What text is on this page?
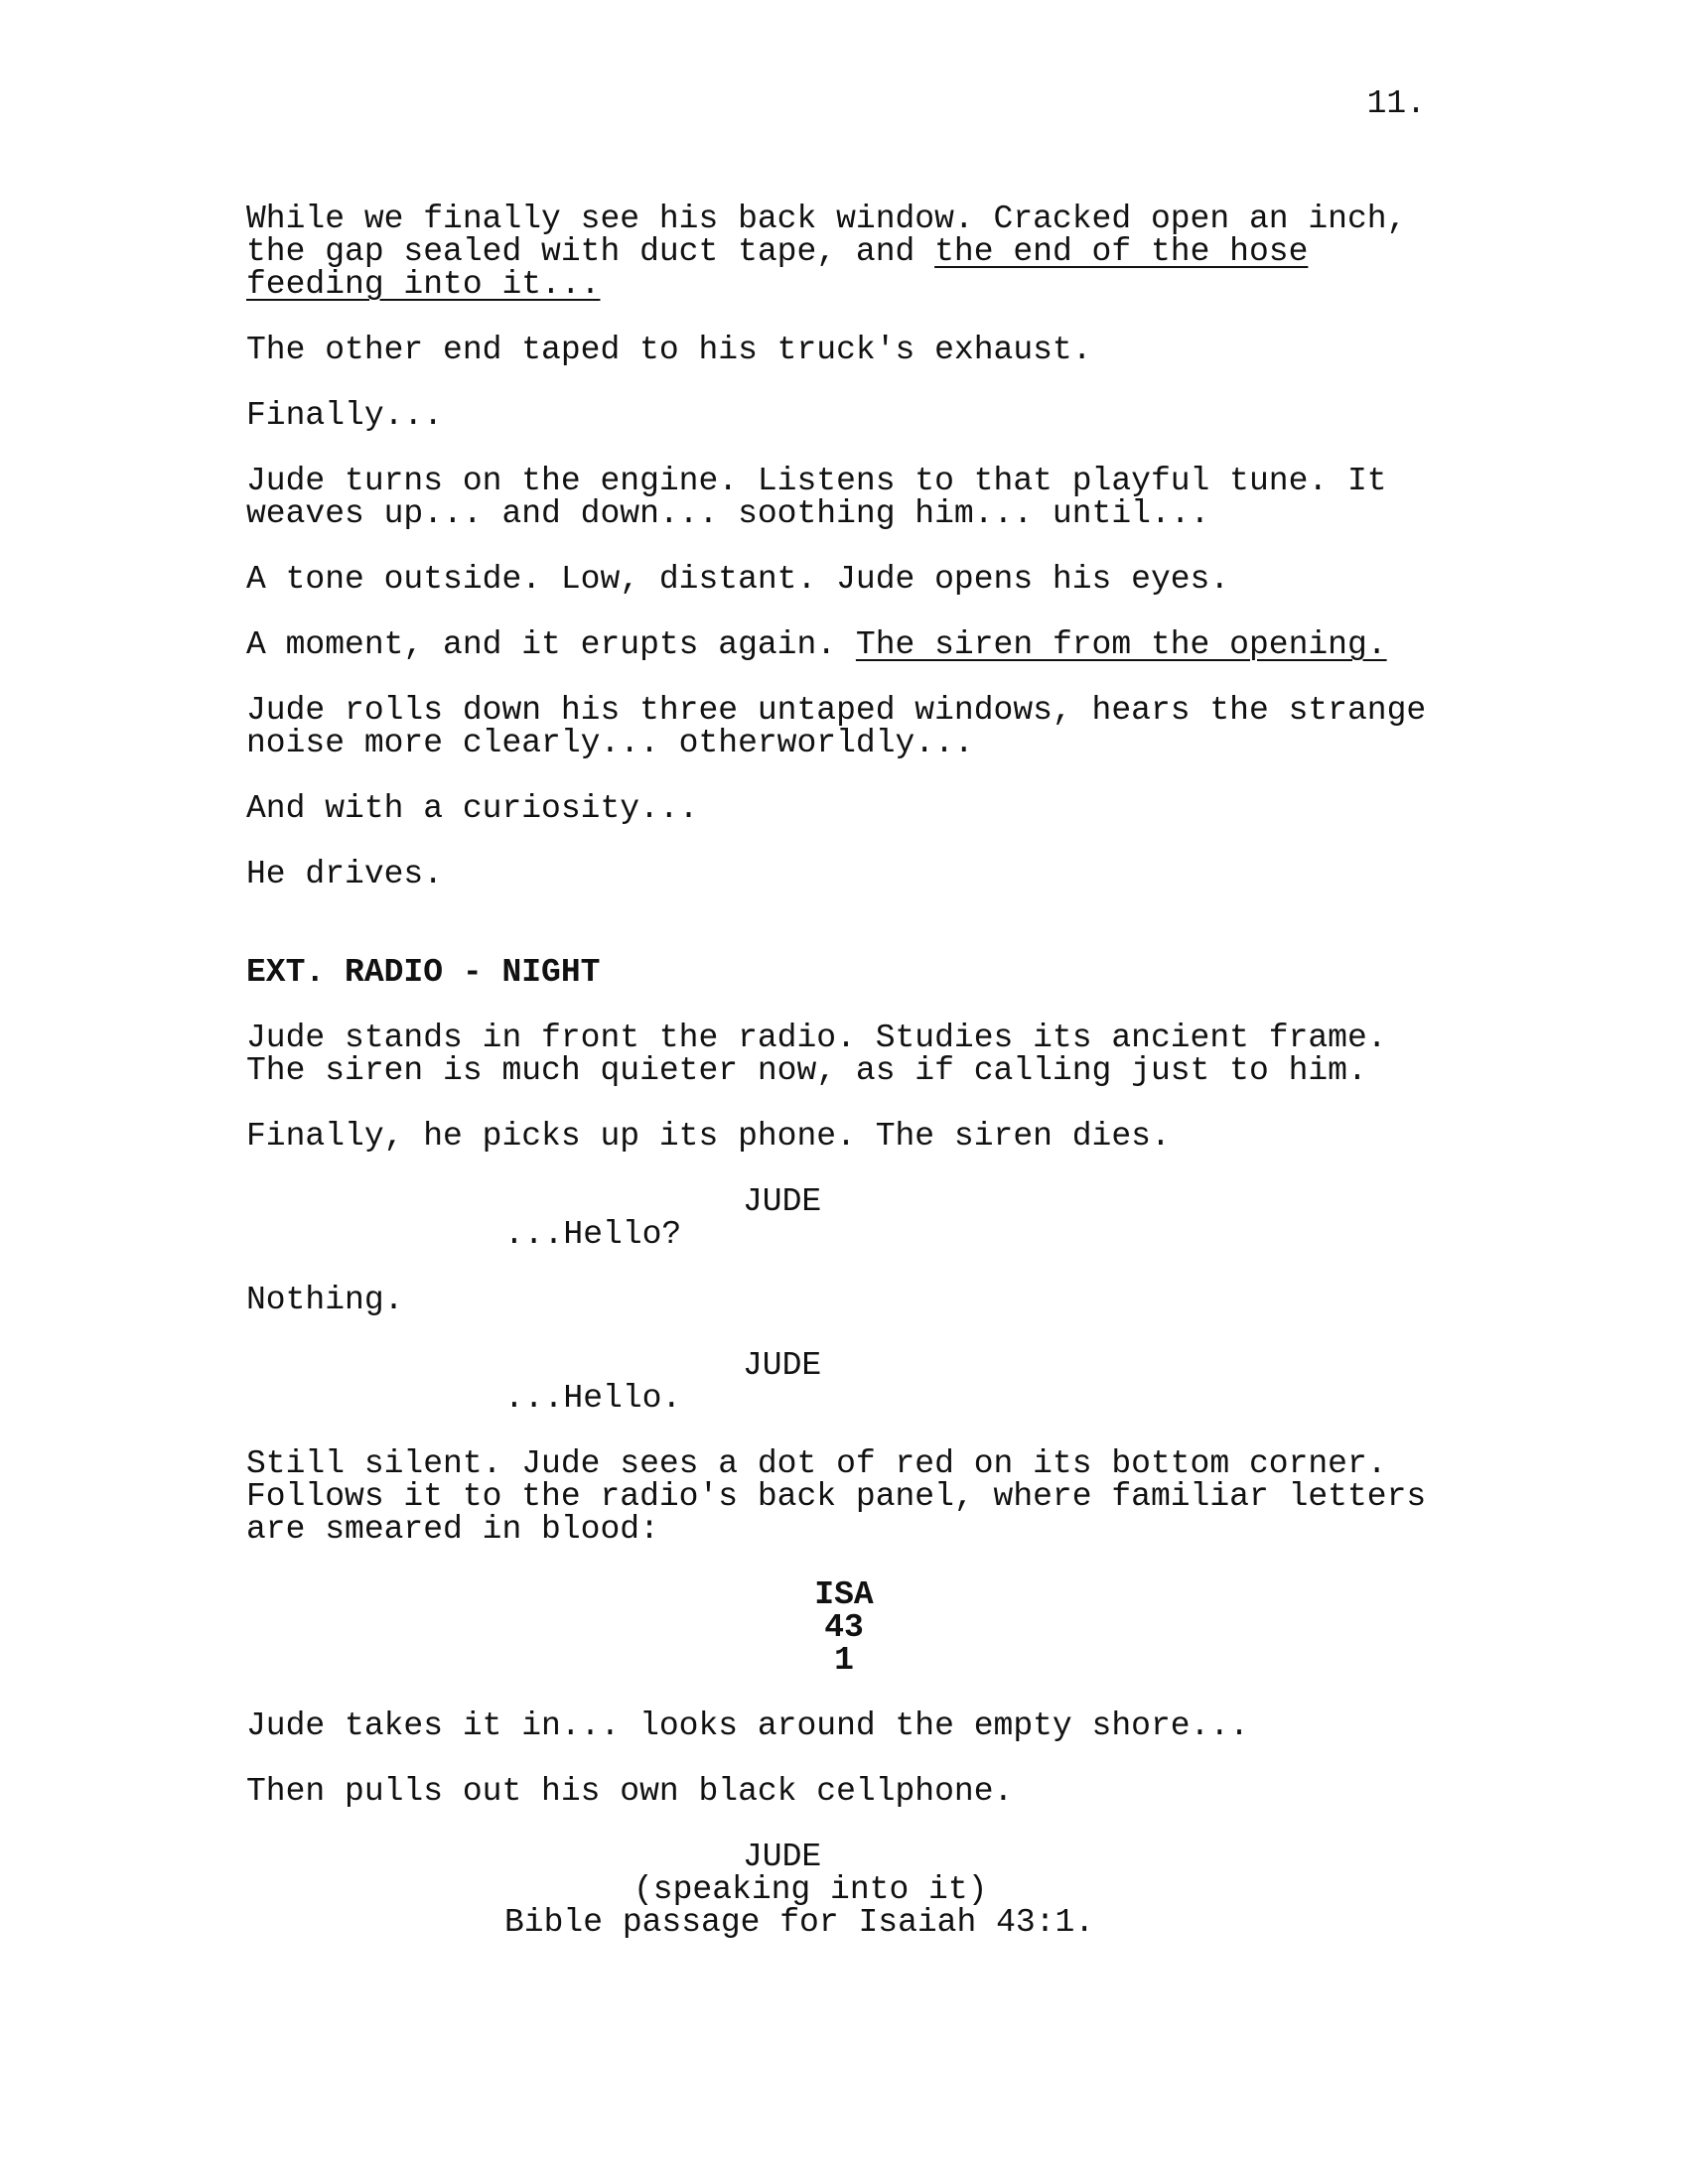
11.
While we finally see his back window. Cracked open an inch,
the gap sealed with duct tape, and the end of the hose
feeding into it...
The other end taped to his truck's exhaust.
Finally...
Jude turns on the engine. Listens to that playful tune. It
weaves up... and down... soothing him... until...
A tone outside. Low, distant. Jude opens his eyes.
A moment, and it erupts again. The siren from the opening.
Jude rolls down his three untaped windows, hears the strange
noise more clearly... otherworldly...
And with a curiosity...
He drives.
EXT. RADIO - NIGHT
Jude stands in front the radio. Studies its ancient frame.
The siren is much quieter now, as if calling just to him.
Finally, he picks up its phone. The siren dies.
JUDE
...Hello?
Nothing.
JUDE
...Hello.
Still silent. Jude sees a dot of red on its bottom corner.
Follows it to the radio's back panel, where familiar letters
are smeared in blood:
ISA
43
1
Jude takes it in... looks around the empty shore...
Then pulls out his own black cellphone.
JUDE
(speaking into it)
Bible passage for Isaiah 43:1.
